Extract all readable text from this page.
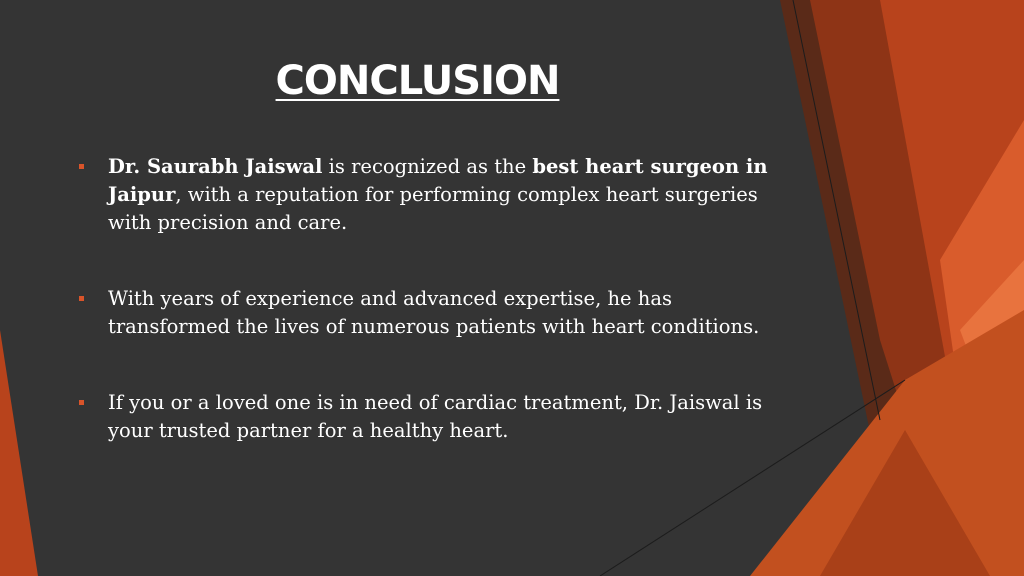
CONCLUSION
Dr. Saurabh Jaiswal is recognized as the best heart surgeon in Jaipur, with a reputation for performing complex heart surgeries with precision and care.
With years of experience and advanced expertise, he has transformed the lives of numerous patients with heart conditions.
If you or a loved one is in need of cardiac treatment, Dr. Jaiswal is your trusted partner for a healthy heart.
